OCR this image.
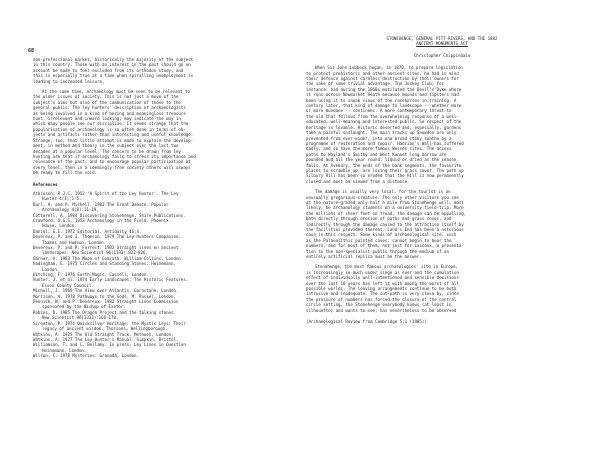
68

non-professional market, historically the majority of the subject

in this country. Those with an interest in the past should go on

account be made to feel excluded from its orthodox study, and

this is especially true at a time when spiralling unemployment is

leading to increased leisure.

At the same time, archaeology must be seen to be relevant to

the wider issues of society. This is not just a move of the

subject's aims but also of the communication of those to the

general public. The ley hunters' description of archaeologists

as being involved in a kind of boring and meaningless treasure

hunt, irrelevant and inward looking, may indicate the way in

which many people see our discipline. It seems strange that the

popularisation of archaeology is so often done in terms of ob-

jects and artifacts rather than interesting and useful knowledge.

Strange, too, that little attempt is made to explain the develop-

ment, in method and theory in the subject over the last two

decades at a popular level. The concern to be drawn from ley

hunting are that if archaeology fails to stress its importance and

relevance of the past, and to encourage popular participation at

every level, then in a seemingly free society others will always

be ready to fill the void.

References

Atkinson, R.J.C. 1952 'A Spirit of the Ley Hunter'. The Ley

Hunter 4(1):1-5.

Burl, A. and P. Michell. 1983 The Great Debate. Popular

Archaeology 4(8):11-19.

Cotterell, A. 1984 Discovering Stonehenge. Shire Publications.

Crawford, O.G.S. 1953 Archaeology in the Field. Phoenix

House, London.

Daniel, G.E. 1972 Editorial. Antiquity 46:4.

Devereux, P. and I. Thomson. 1979 The Ley Hunters Companion.

Thames and Hudson, London.

Devereux, P. and R. Forrest. 1982 Straight lines on ancient

landscapes. New Scientist 96(1333):822-826.

Garner, A. 1983 The Moon of Gomrath. William Collins, London.

Hadingham, E. 1975 Circles and Standing Stones. Heinemann,

London.

Hitching, F. 1976 Earth Magic. Cassell, London.

Hunter, J. et al. 1974 Early Landscapes: The Historic Features.

Essex County Council.

Michell, J. 1969 The View over Atlantis. Garnstone, London.

Morrison, A. 1978 Pathways to the Gods. M. Russel, London.

Pennick, N. and P. Devereux. 1982 Straight Lines Commission

sponsored by the Bishop of Exeter.

Robins, D. 1985 The Dragon Project and the talking stones.

New Scientist 96(1333):166-170.

Screeton, P. 1974 Quicksilver Heritage: the Mystic Leys: Their

legacy of ancient wisdom. Thorsons, Wellingborough.

Watkins, A. 1925 The Old Straight Track. Methuen, London.

Watkins, A. 1927 The Ley Hunter's Manual. Simpkin, Bristol.

Williamson, T. and L. Bellamy. In press. Ley Lines in Question.

Heinemann, London.

Wilson, C. 1978 Mysteries. Granada, London.

STONEHENGE, GENERAL PITT-RIVERS, AND THE 1882

ANCIENT MONUMENTS ACT

Christopher Chippindale

When Sir John Lubbock began, in 1870, to prepare legislation

to protect prehistoric and other ancient sites, he had in mind

their defence against careless destruction by their owners for

the sake of some trivial advantage. The Jockey Club, for

instance, had during the 1860s mutilated the Devil's Dyke where

it runs across Newmarket Heath because mounds and tipsters had

been using it to sneak views of the racehorses in training. A

century later, that kind of damage to landscape -- whether more

or more mundane -- continues. A more contemporary threat to

the old that follows from the overwhelming response of a well-

educated, well-meaning and interested public. So respect of the

heritage is lovable. Historic deserted and, especially, gardens

take a painful onslaught. The main tracks up Snowdon are only

prevented from ever-wider, into one broad stony swathe by a

programme of restoration and repair. Hadrian's Wall has suffered

badly, and so have the more famous Wessex sites. The access

paths to Wayland's Smithy and West Kennet long barrow are

pounded mud all the year round, liquid or dried as the season

falls. At Avebury, the ends of the bank segments, the favourite

places to scramble up, are losing their grass cover. The path up

Silbury Hill has been so eroded that the Hill is now permanently

closed and must be viewed from a distance.

The damage is usually very local, for the tourist is an

unusually gregarious creature. The only other visitors you see

at the nature-grazed only half a mile from Stonehenge will, most

likely, be archaeology students on a university field-trip. More

the millions of sheer feet on tread, the damage can be appalling,

both directly through erosion of paths and grass cover, and

indirectly through the damage caused to the attraction itself by

the facilities provided thereat. Land's End has been a notorious

case in this respect. Some kinds of archaeological site, such

as the Palaeolithic painted caves, cannot begin to bear the

numbers, and for most of them, not just for Lascaux, a presenta-

tion to the non-specialist public through the medium of an

entirely artificial replica must be the answer.

Stonehenge, the most famous archaeologies' site in Europe,

is increasingly so much under siege as ever and the cumulative

effect of individually well-intentioned and sensible decisions

over the last 10 years has left it with among the worst of all

possible worlds. The leaving arrangements continue to be both

intrusive and inadequate. The cut-path is very close by, since

the pressure of numbers has forced the closure of the central

circle setting, the Stonehenge everybody knows (at least in

silhouette) and wants to see, has nevertheless to be observed

(Archaeological Review from Cambridge 5:1 (1985))
